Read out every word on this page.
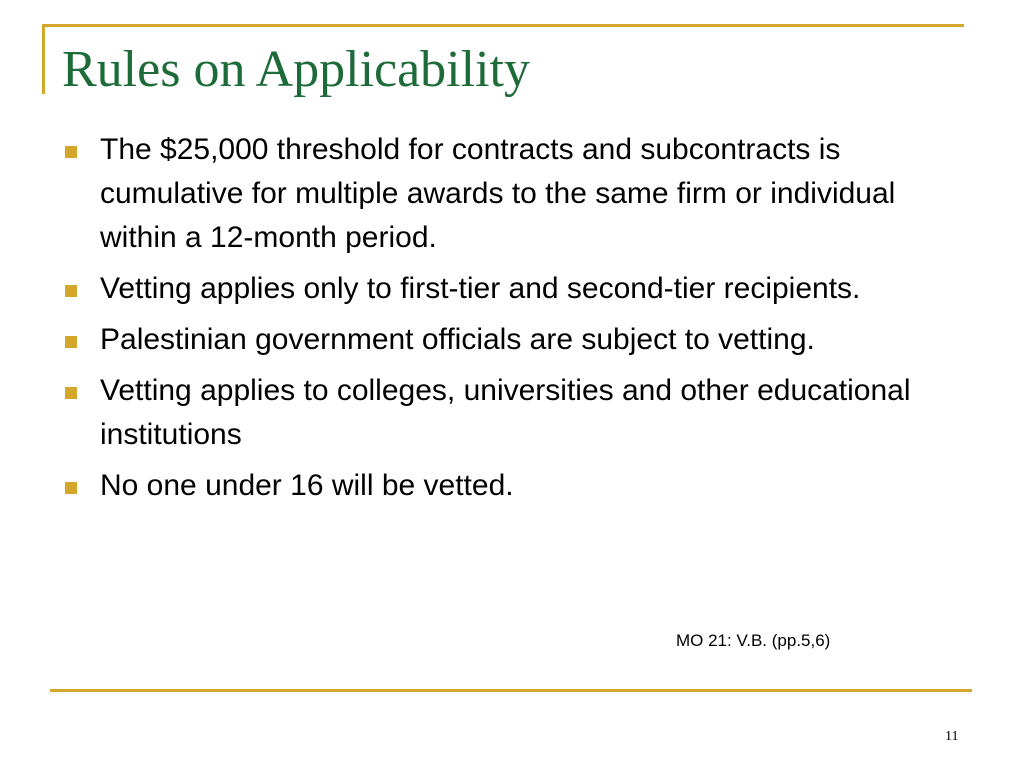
Rules on Applicability
The $25,000 threshold for contracts and subcontracts is cumulative for multiple awards to the same firm or individual within a 12-month period.
Vetting applies only to first-tier and second-tier recipients.
Palestinian government officials are subject to vetting.
Vetting applies to colleges, universities and other educational institutions
No one under 16 will be vetted.
MO 21: V.B. (pp.5,6)
11
